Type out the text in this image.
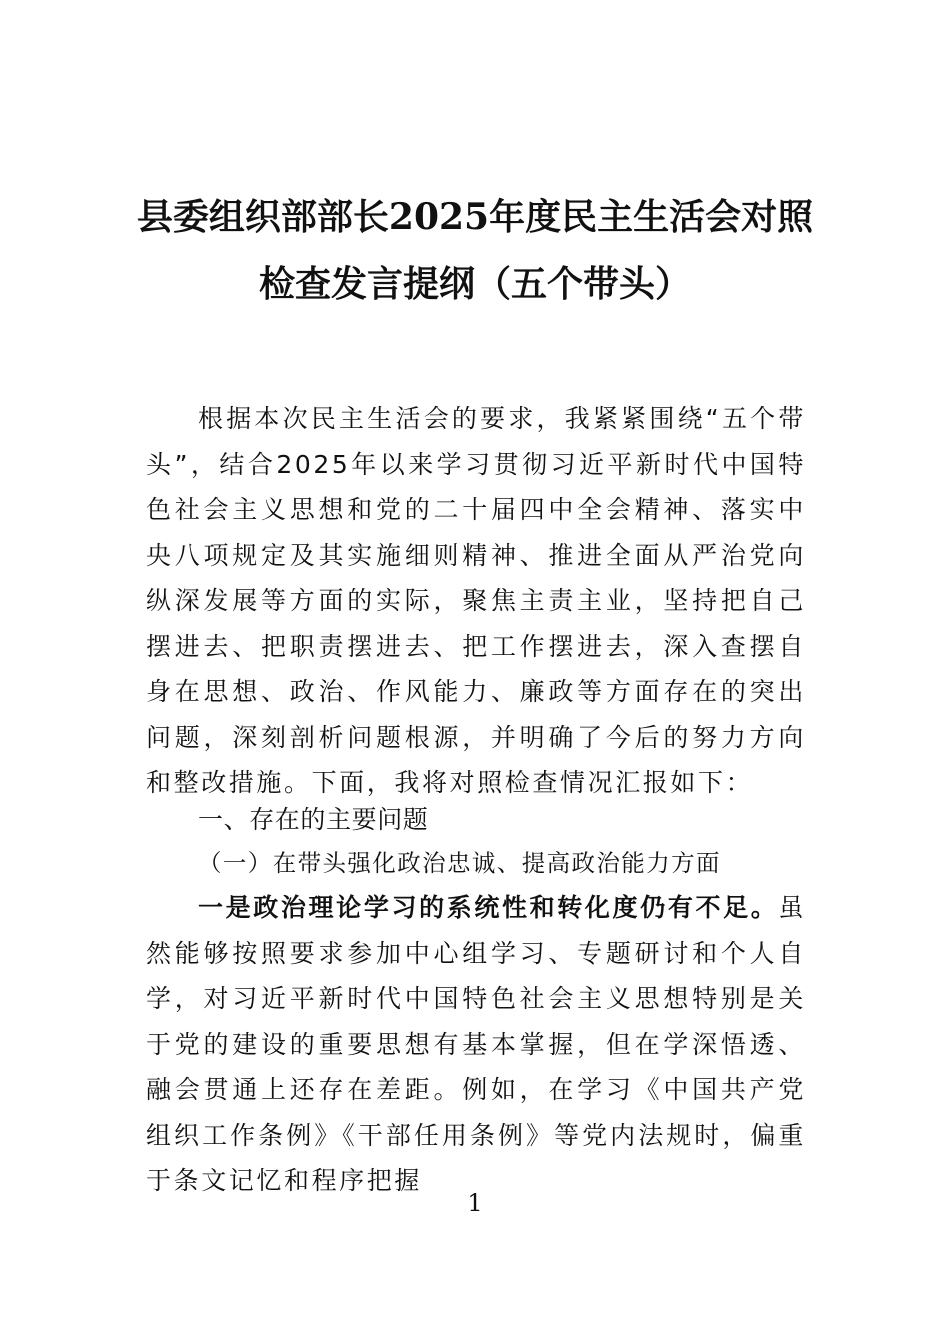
县委组织部部长2025年度民主生活会对照
检查发言提纲（五个带头）
根据本次民主生活会的要求，我紧紧围绕“五个带头”，结合2025年以来学习贯彻习近平新时代中国特色社会主义思想和党的二十届四中全会精神、落实中央八项规定及其实施细则精神、推进全面从严治党向纵深发展等方面的实际，聚焦主责主业，坚持把自己摆进去、把职责摆进去、把工作摆进去，深入查摆自身在思想、政治、作风能力、廉政等方面存在的突出问题，深刻剖析问题根源，并明确了今后的努力方向和整改措施。下面，我将对照检查情况汇报如下：
一、存在的主要问题
（一）在带头强化政治忠诚、提高政治能力方面
一是政治理论学习的系统性和转化度仍有不足。虽然能够按照要求参加中心组学习、专题研讨和个人自学，对习近平新时代中国特色社会主义思想特别是关于党的建设的重要思想有基本掌握，但在学深悟透、融会贯通上还存在差距。例如，在学习《中国共产党组织工作条例》《干部任用条例》等党内法规时，偏重于条文记忆和程序把握
1
